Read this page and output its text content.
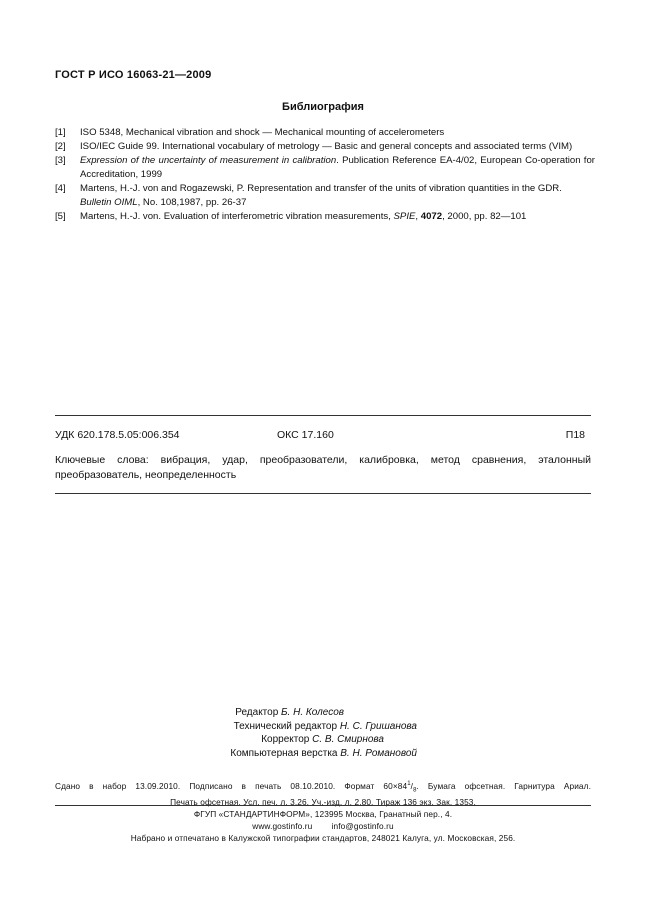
ГОСТ Р ИСО 16063-21—2009
Библиография
[1]	ISO 5348, Mechanical vibration and shock — Mechanical mounting of accelerometers
[2]	ISO/IEC Guide 99. International vocabulary of metrology — Basic and general concepts and associated terms (VIM)
[3]	Expression of the uncertainty of measurement in calibration. Publication Reference EA-4/02, European Co-operation for Accreditation, 1999
[4]	Martens, H.-J. von and Rogazewski, P. Representation and transfer of the units of vibration quantities in the GDR. Bulletin OIML, No. 108,1987, pp. 26-37
[5]	Martens, H.-J. von. Evaluation of interferometric vibration measurements, SPIE, 4072, 2000, pp. 82—101
УДК 620.178.5.05:006.354	ОКС 17.160	П18
Ключевые слова: вибрация, удар, преобразователи, калибровка, метод сравнения, эталонный преобразователь, неопределенность
Редактор Б. Н. Колесов
Технический редактор Н. С. Гришанова
Корректор С. В. Смирнова
Компьютерная верстка В. Н. Романовой
Сдано в набор 13.09.2010. Подписано в печать 08.10.2010. Формат $60\times 84^1/_8$. Бумага офсетная. Гарнитура Ариал.
Печать офсетная. Усл. печ. л. 3,26. Уч.-изд. л. 2,80. Тираж 136 экз. Зак. 1353.
ФГУП «СТАНДАРТИНФОРМ», 123995 Москва, Гранатный пер., 4.
www.gostinfo.ru info@gostinfo.ru
Набрано и отпечатано в Калужской типографии стандартов, 248021 Калуга, ул. Московская, 256.
